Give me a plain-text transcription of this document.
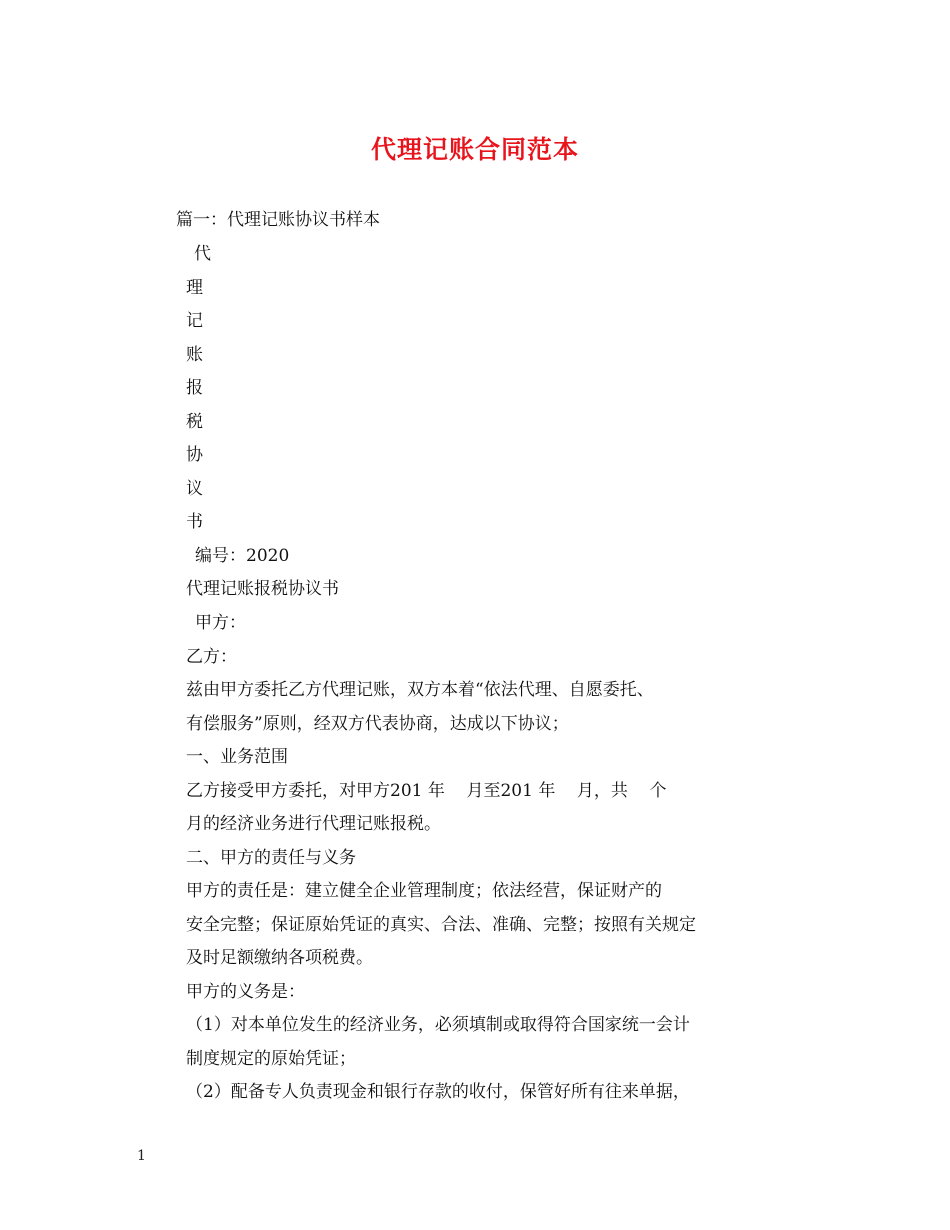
代理记账合同范本

篇一：代理记账协议书样本

代

理

记

账

报

税

协

议

书

编号：2020

代理记账报税协议书

甲方：

乙方：

兹由甲方委托乙方代理记账，双方本着“依法代理、自愿委托、

有偿服务”原则，经双方代表协商，达成以下协议；

一、业务范围

乙方接受甲方委托，对甲方201 年    月至201 年    月，共    个

月的经济业务进行代理记账报税。

二、甲方的责任与义务

甲方的责任是：建立健全企业管理制度；依法经营，保证财产的

安全完整；保证原始凭证的真实、合法、准确、完整；按照有关规定

及时足额缴纳各项税费。

甲方的义务是：

（1）对本单位发生的经济业务，必须填制或取得符合国家统一会计

制度规定的原始凭证；

（2）配备专人负责现金和银行存款的收付，保管好所有往来单据，

1
